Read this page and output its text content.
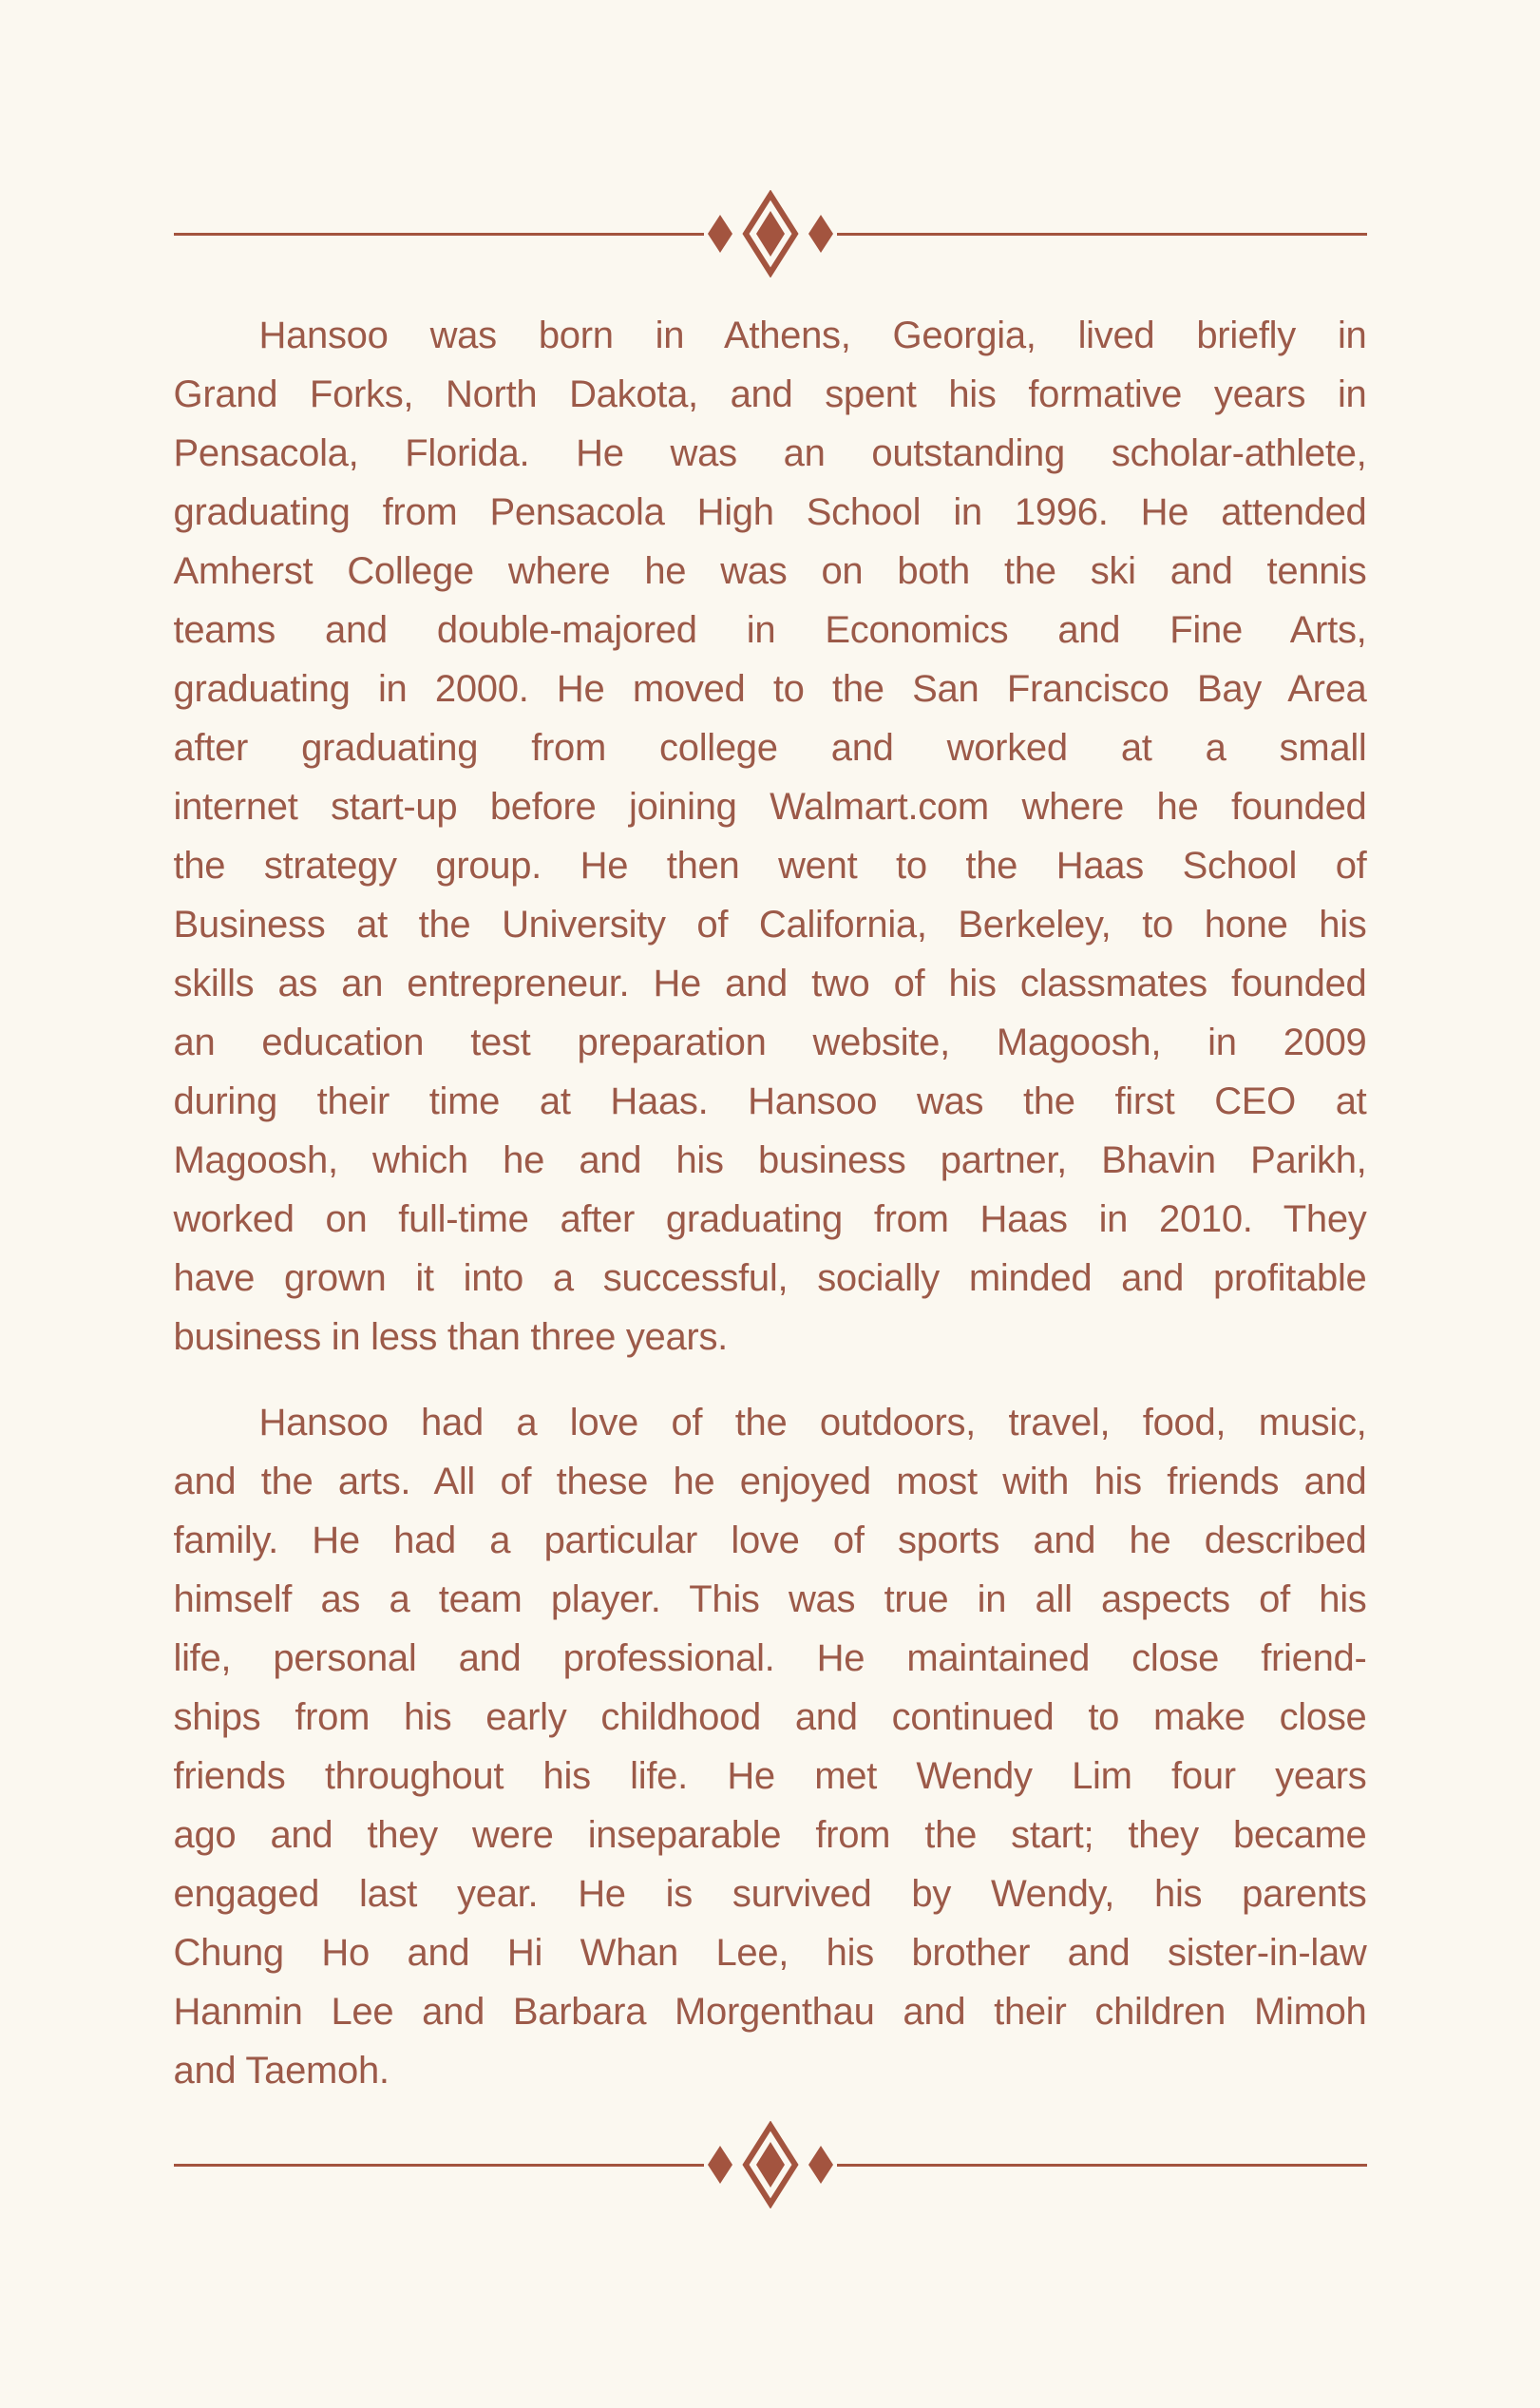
Hansoo was born in Athens, Georgia, lived briefly in
Grand Forks, North Dakota, and spent his formative years in
Pensacola, Florida. He was an outstanding scholar-athlete,
graduating from Pensacola High School in 1996. He attended
Amherst College where he was on both the ski and tennis
teams and double-majored in Economics and Fine Arts,
graduating in 2000. He moved to the San Francisco Bay Area
after graduating from college and worked at a small
internet start-up before joining Walmart.com where he founded
the strategy group. He then went to the Haas School of
Business at the University of California, Berkeley, to hone his
skills as an entrepreneur. He and two of his classmates founded
an education test preparation website, Magoosh, in 2009
during their time at Haas. Hansoo was the first CEO at
Magoosh, which he and his business partner, Bhavin Parikh,
worked on full-time after graduating from Haas in 2010. They
have grown it into a successful, socially minded and profitable
business in less than three years.
Hansoo had a love of the outdoors, travel, food, music,
and the arts. All of these he enjoyed most with his friends and
family. He had a particular love of sports and he described
himself as a team player. This was true in all aspects of his
life, personal and professional. He maintained close friend-
ships from his early childhood and continued to make close
friends throughout his life. He met Wendy Lim four years
ago and they were inseparable from the start; they became
engaged last year. He is survived by Wendy, his parents
Chung Ho and Hi Whan Lee, his brother and sister-in-law
Hanmin Lee and Barbara Morgenthau and their children Mimoh
and Taemoh.
